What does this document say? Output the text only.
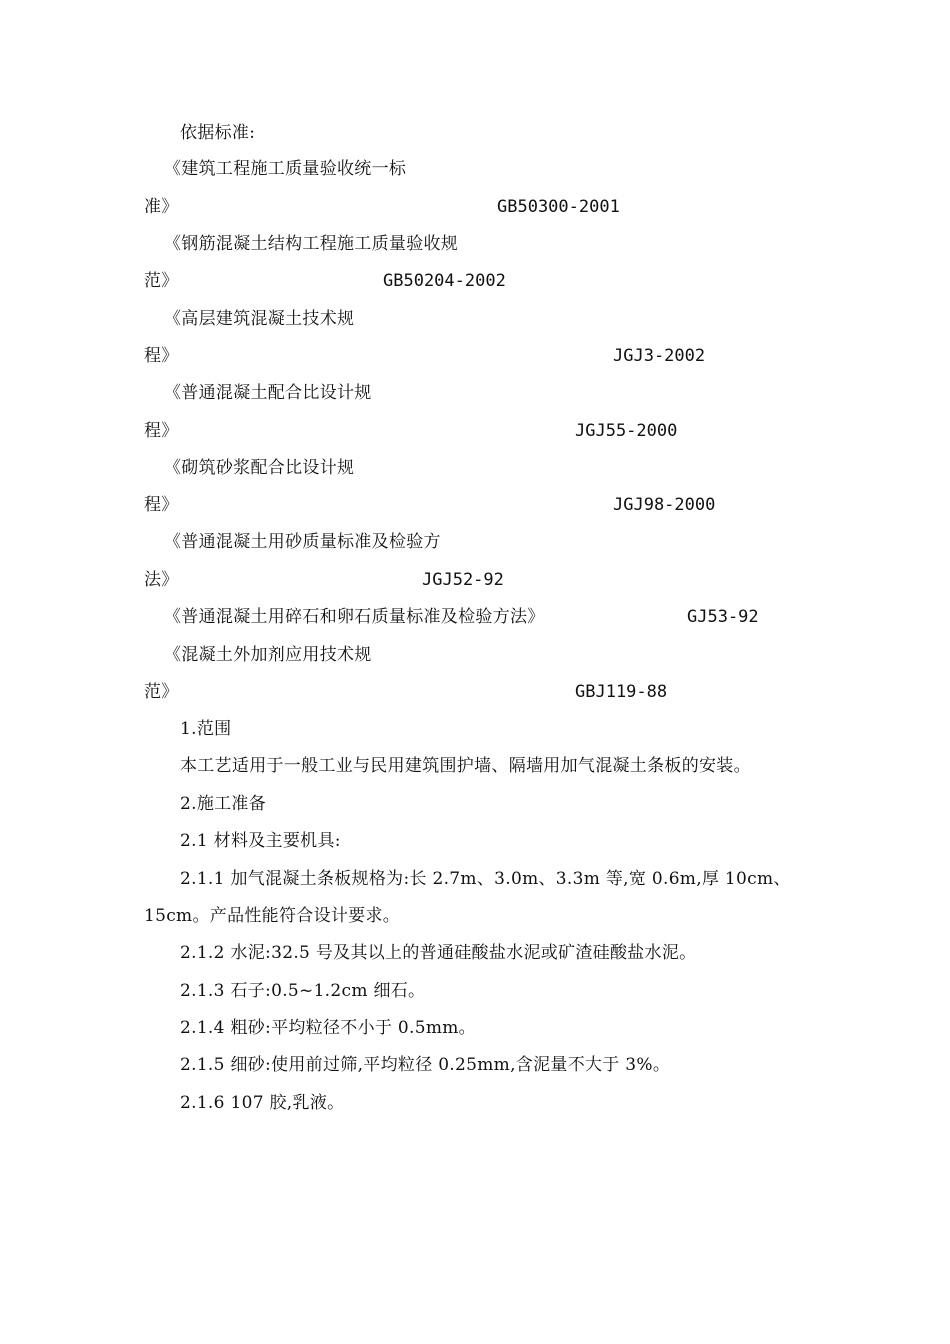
依据标准:
《建筑工程施工质量验收统一标
准》	GB50300-2001
《钢筋混凝土结构工程施工质量验收规
范》	GB50204-2002
《高层建筑混凝土技术规
程》	JGJ3-2002
《普通混凝土配合比设计规
程》	JGJ55-2000
《砌筑砂浆配合比设计规
程》	JGJ98-2000
《普通混凝土用砂质量标准及检验方
法》	JGJ52-92
《普通混凝土用碎石和卵石质量标准及检验方法》	GJ53-92
《混凝土外加剂应用技术规
范》	GBJ119-88
1.范围
本工艺适用于一般工业与民用建筑围护墙、隔墙用加气混凝土条板的安装。
2.施工准备
2.1 材料及主要机具:
2.1.1 加气混凝土条板规格为:长 2.7m、3.0m、3.3m 等,宽 0.6m,厚 10cm、
15cm。产品性能符合设计要求。
2.1.2 水泥:32.5 号及其以上的普通硅酸盐水泥或矿渣硅酸盐水泥。
2.1.3 石子:0.5~1.2cm 细石。
2.1.4 粗砂:平均粒径不小于 0.5mm。
2.1.5 细砂:使用前过筛,平均粒径 0.25mm,含泥量不大于 3%。
2.1.6 107 胶,乳液。
